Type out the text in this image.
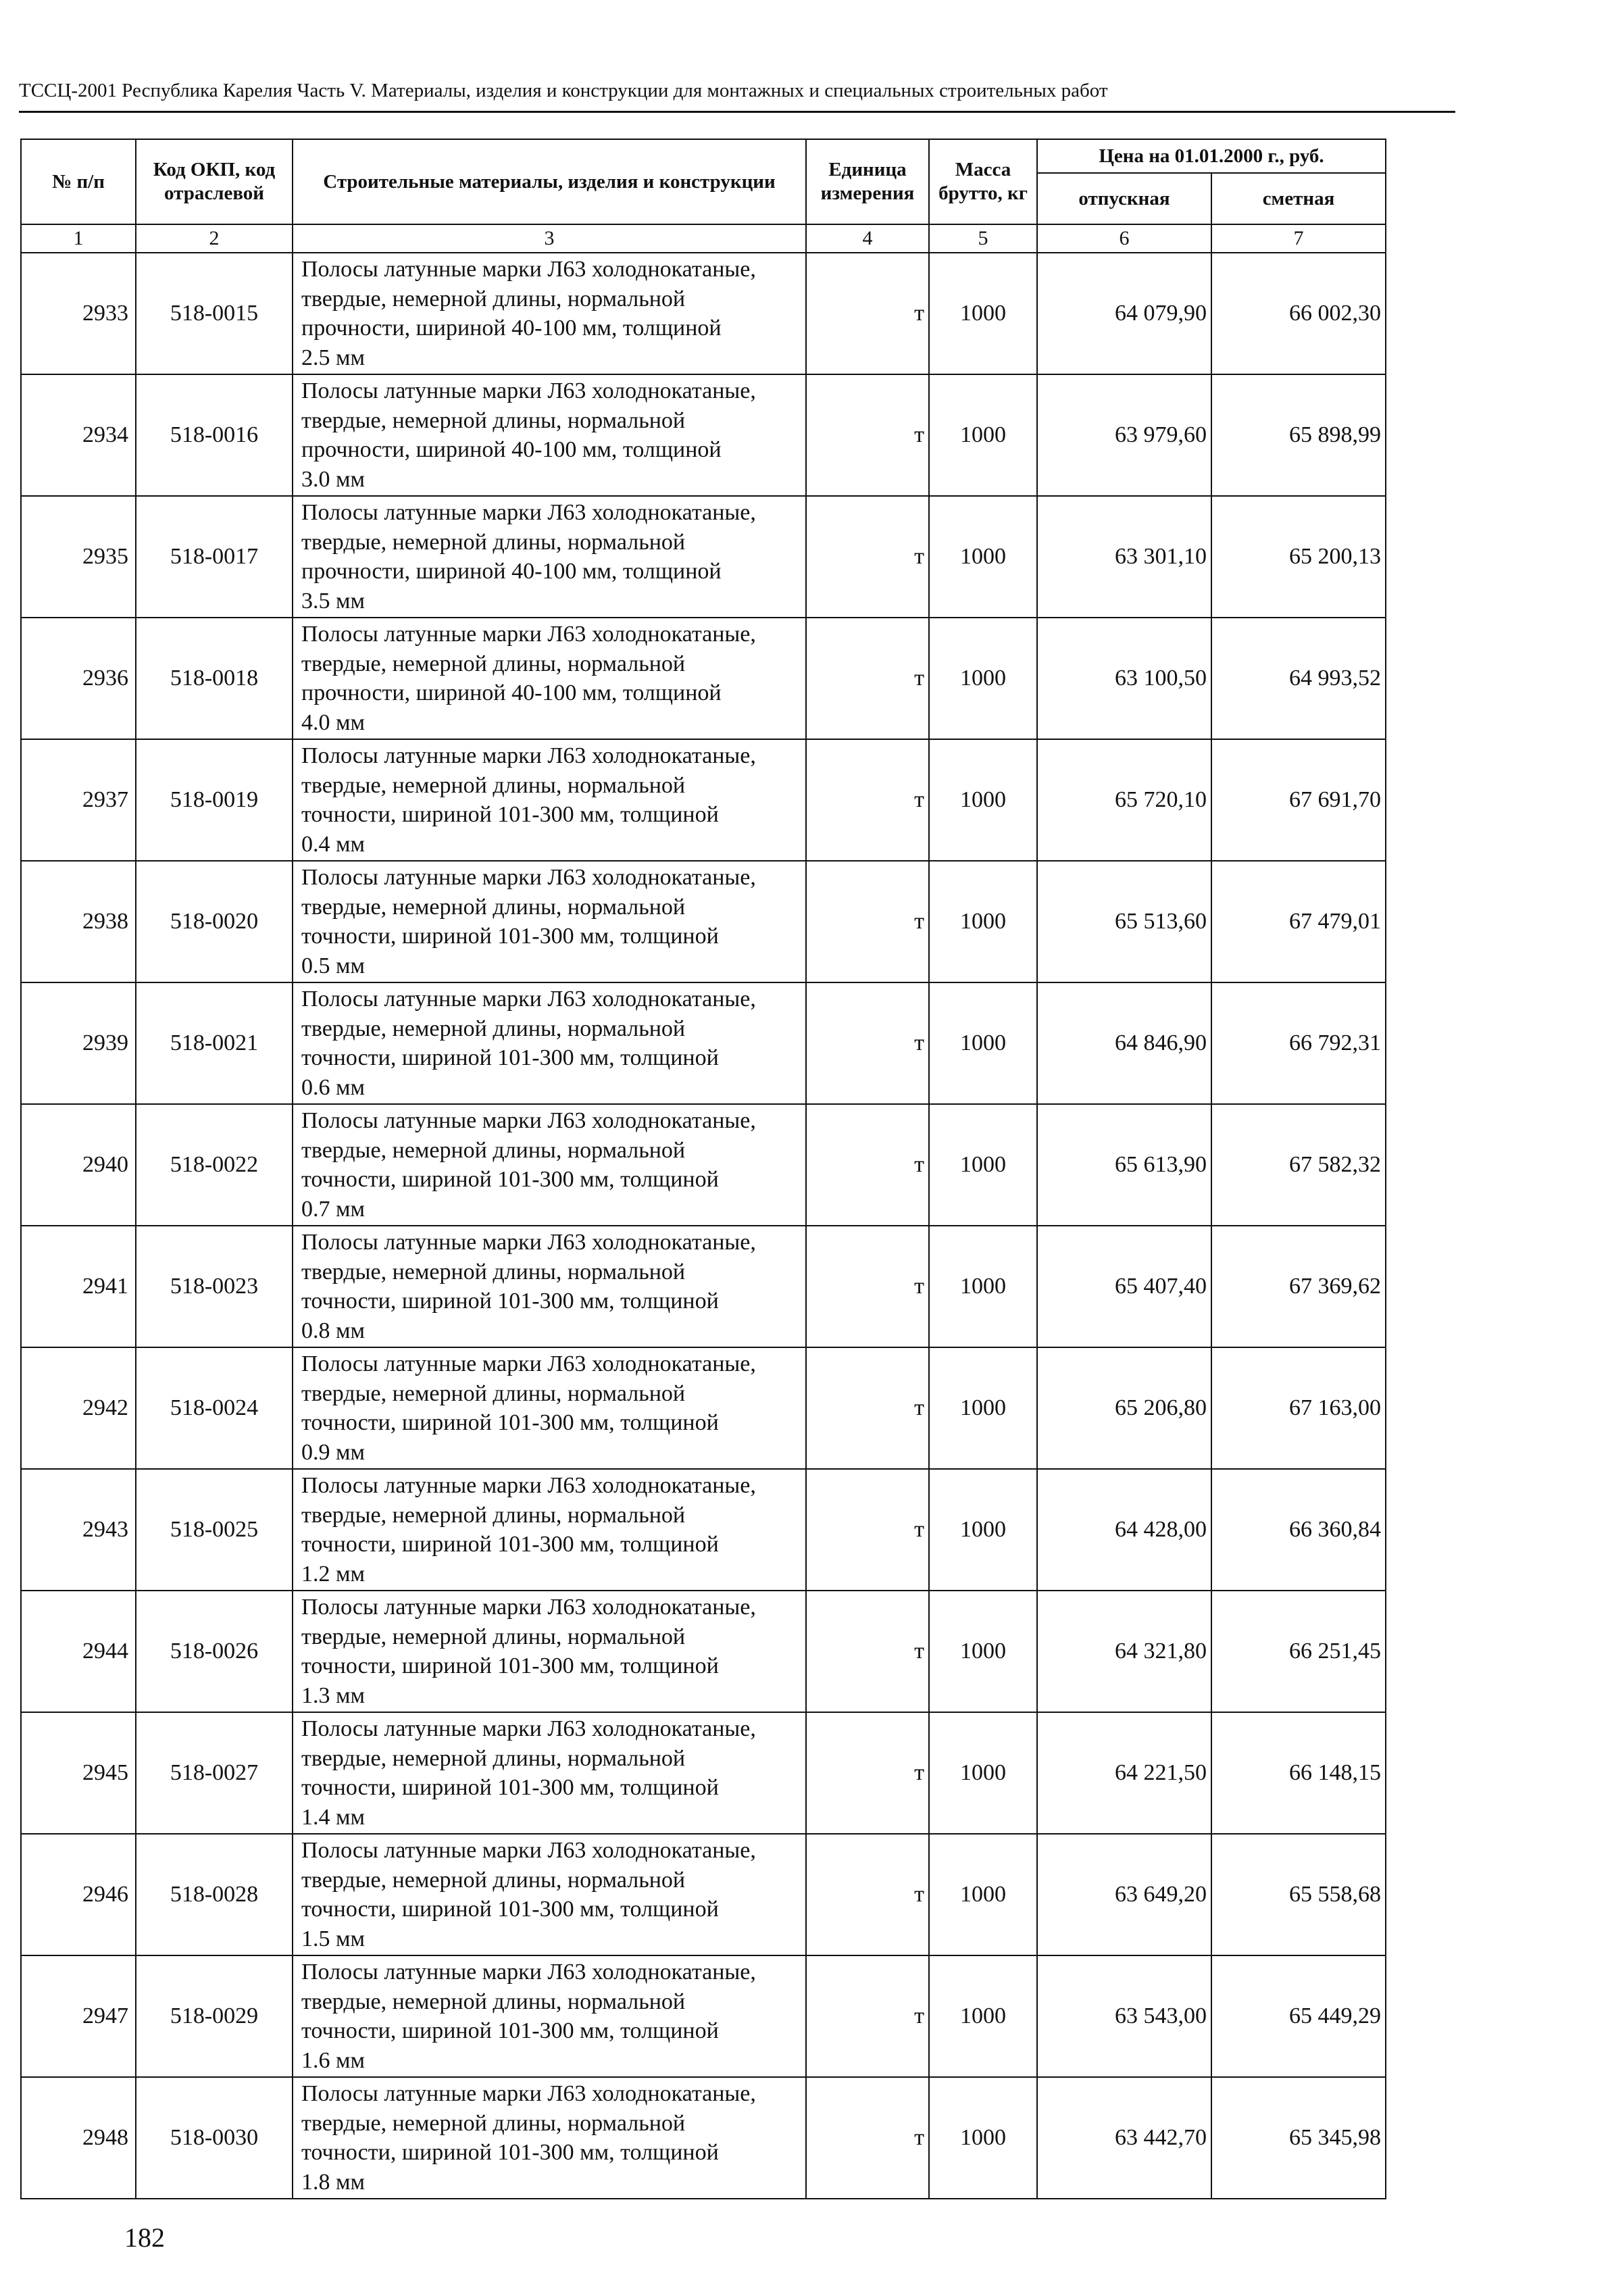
ТССЦ-2001 Республика Карелия Часть V. Материалы, изделия и конструкции для монтажных и специальных строительных работ
№ п/п	Код ОКП, код отраслевой	Строительные материалы, изделия и конструкции	Единица измерения	Масса брутто, кг	Цена на 01.01.2000 г., руб.	
					отпускная	сметная
1	2	3	4	5	6	7
2933	518-0015	Полосы латунные марки Л63 холоднокатаные,
твердые, немерной длины, нормальной
прочности, шириной 40-100 мм, толщиной
2.5 мм	т	1000	64 079,90	66 002,30
2934	518-0016	Полосы латунные марки Л63 холоднокатаные,
твердые, немерной длины, нормальной
прочности, шириной 40-100 мм, толщиной
3.0 мм	т	1000	63 979,60	65 898,99
2935	518-0017	Полосы латунные марки Л63 холоднокатаные,
твердые, немерной длины, нормальной
прочности, шириной 40-100 мм, толщиной
3.5 мм	т	1000	63 301,10	65 200,13
2936	518-0018	Полосы латунные марки Л63 холоднокатаные,
твердые, немерной длины, нормальной
прочности, шириной 40-100 мм, толщиной
4.0 мм	т	1000	63 100,50	64 993,52
2937	518-0019	Полосы латунные марки Л63 холоднокатаные,
твердые, немерной длины, нормальной
точности, шириной 101-300 мм, толщиной
0.4 мм	т	1000	65 720,10	67 691,70
2938	518-0020	Полосы латунные марки Л63 холоднокатаные,
твердые, немерной длины, нормальной
точности, шириной 101-300 мм, толщиной
0.5 мм	т	1000	65 513,60	67 479,01
2939	518-0021	Полосы латунные марки Л63 холоднокатаные,
твердые, немерной длины, нормальной
точности, шириной 101-300 мм, толщиной
0.6 мм	т	1000	64 846,90	66 792,31
2940	518-0022	Полосы латунные марки Л63 холоднокатаные,
твердые, немерной длины, нормальной
точности, шириной 101-300 мм, толщиной
0.7 мм	т	1000	65 613,90	67 582,32
2941	518-0023	Полосы латунные марки Л63 холоднокатаные,
твердые, немерной длины, нормальной
точности, шириной 101-300 мм, толщиной
0.8 мм	т	1000	65 407,40	67 369,62
2942	518-0024	Полосы латунные марки Л63 холоднокатаные,
твердые, немерной длины, нормальной
точности, шириной 101-300 мм, толщиной
0.9 мм	т	1000	65 206,80	67 163,00
2943	518-0025	Полосы латунные марки Л63 холоднокатаные,
твердые, немерной длины, нормальной
точности, шириной 101-300 мм, толщиной
1.2 мм	т	1000	64 428,00	66 360,84
2944	518-0026	Полосы латунные марки Л63 холоднокатаные,
твердые, немерной длины, нормальной
точности, шириной 101-300 мм, толщиной
1.3 мм	т	1000	64 321,80	66 251,45
2945	518-0027	Полосы латунные марки Л63 холоднокатаные,
твердые, немерной длины, нормальной
точности, шириной 101-300 мм, толщиной
1.4 мм	т	1000	64 221,50	66 148,15
2946	518-0028	Полосы латунные марки Л63 холоднокатаные,
твердые, немерной длины, нормальной
точности, шириной 101-300 мм, толщиной
1.5 мм	т	1000	63 649,20	65 558,68
2947	518-0029	Полосы латунные марки Л63 холоднокатаные,
твердые, немерной длины, нормальной
точности, шириной 101-300 мм, толщиной
1.6 мм	т	1000	63 543,00	65 449,29
2948	518-0030	Полосы латунные марки Л63 холоднокатаные,
твердые, немерной длины, нормальной
точности, шириной 101-300 мм, толщиной
1.8 мм	т	1000	63 442,70	65 345,98
182
